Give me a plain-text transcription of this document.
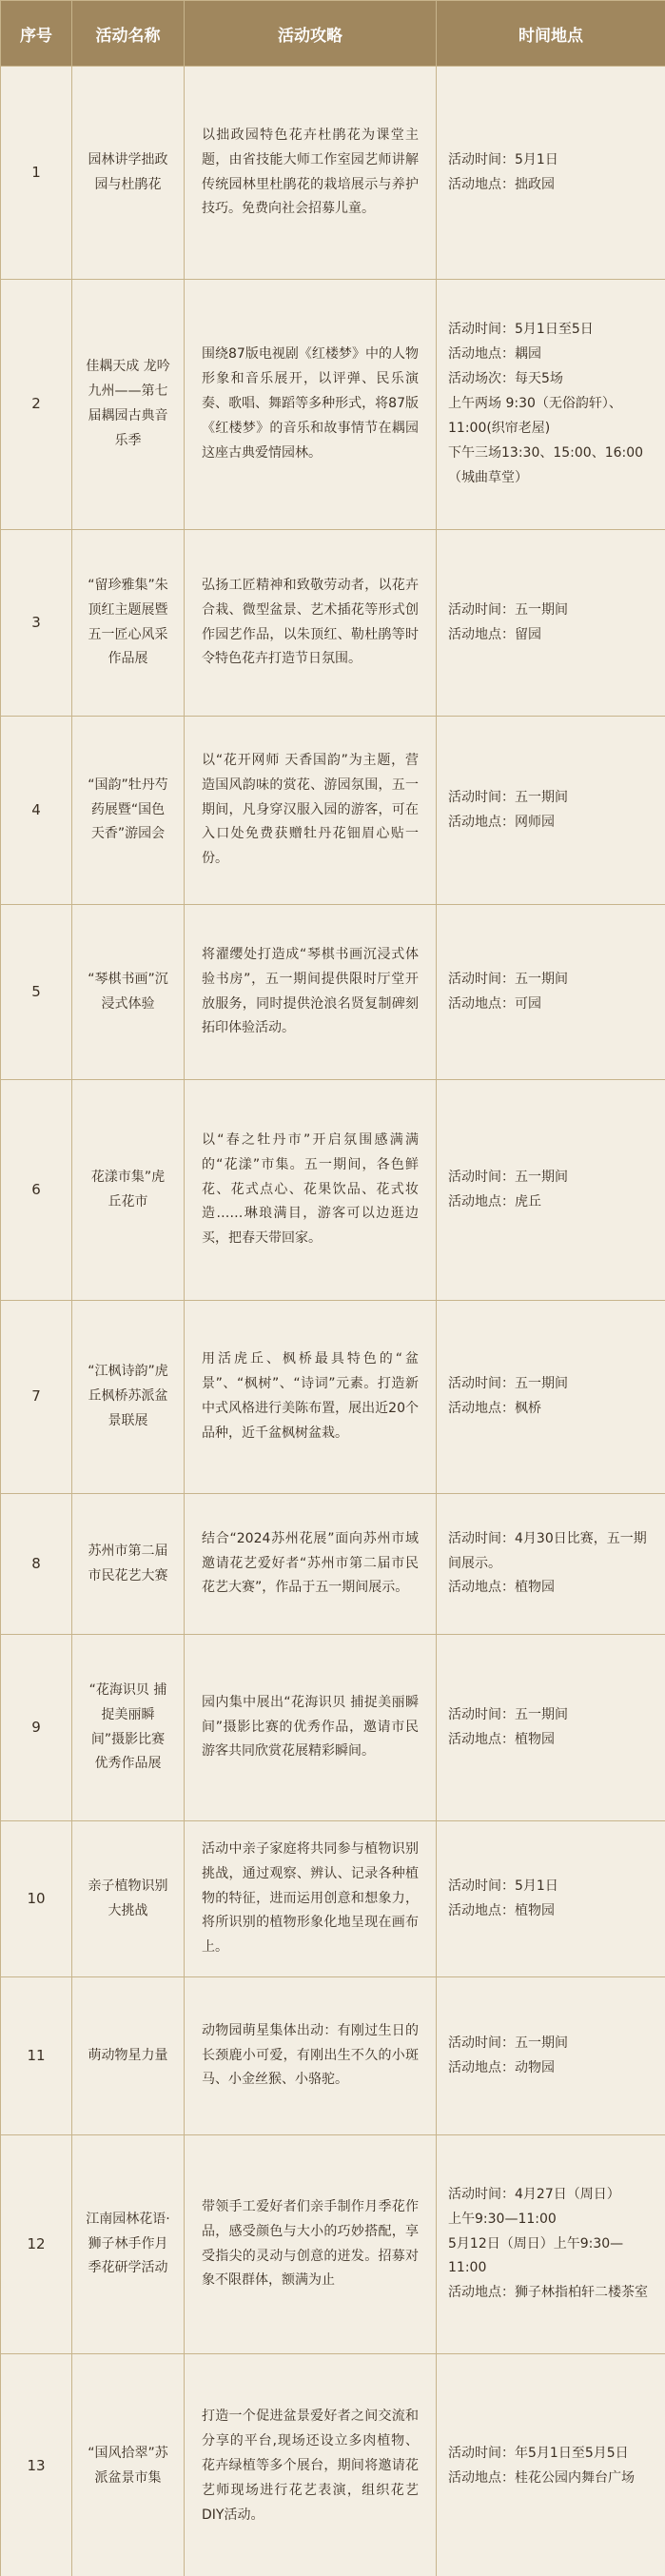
序号	活动名称	活动攻略	时间地点
1	园林讲学拙政园与杜鹃花	以拙政园特色花卉杜鹃花为课堂主题，由省技能大师工作室园艺师讲解传统园林里杜鹃花的栽培展示与养护技巧。免费向社会招募儿童。	活动时间：5月1日
活动地点：拙政园

2	佳耦天成 龙吟九州——第七届耦园古典音乐季	围绕87版电视剧《红楼梦》中的人物形象和音乐展开，以评弹、民乐演奏、歌唱、舞蹈等多种形式，将87版《红楼梦》的音乐和故事情节在耦园这座古典爱情园林。	活动时间：5月1日至5日
活动地点：耦园
活动场次：每天5场
上午两场 9:30（无俗韵轩）、11:00(织帘老屋)
下午三场13:30、15:00、16:00（城曲草堂）

3	“留珍雅集”朱顶红主题展暨五一匠心风采作品展	弘扬工匠精神和致敬劳动者，以花卉合栽、微型盆景、艺术插花等形式创作园艺作品，以朱顶红、勒杜鹃等时令特色花卉打造节日氛围。	活动时间：五一期间
活动地点：留园

4	“国韵”牡丹芍药展暨“国色天香”游园会	以“花开网师 天香国韵”为主题，营造国风韵味的赏花、游园氛围，五一期间，凡身穿汉服入园的游客，可在入口处免费获赠牡丹花钿眉心贴一份。	活动时间：五一期间
活动地点：网师园

5	“琴棋书画”沉浸式体验	将濯缨处打造成“琴棋书画沉浸式体验书房”，五一期间提供限时厅堂开放服务，同时提供沧浪名贤复制碑刻拓印体验活动。	活动时间：五一期间
活动地点：可园

6	花漾市集”虎丘花市	以“春之牡丹市”开启氛围感满满的“花漾”市集。五一期间，各色鲜花、花式点心、花果饮品、花式妆造……琳琅满目，游客可以边逛边买，把春天带回家。	活动时间：五一期间
活动地点：虎丘

7	“江枫诗韵”虎丘枫桥苏派盆景联展	用活虎丘、枫桥最具特色的“盆景”、“枫树”、“诗词”元素。打造新中式风格进行美陈布置，展出近20个品种，近千盆枫树盆栽。	活动时间：五一期间
活动地点：枫桥

8	苏州市第二届市民花艺大赛	结合“2024苏州花展”面向苏州市域邀请花艺爱好者“苏州市第二届市民花艺大赛”，作品于五一期间展示。	活动时间：4月30日比赛，五一期间展示。
活动地点：植物园

9	“花海识贝 捕捉美丽瞬间”摄影比赛优秀作品展	园内集中展出“花海识贝 捕捉美丽瞬间”摄影比赛的优秀作品，邀请市民游客共同欣赏花展精彩瞬间。	活动时间：五一期间
活动地点：植物园

10	亲子植物识别大挑战	活动中亲子家庭将共同参与植物识别挑战，通过观察、辨认、记录各种植物的特征，进而运用创意和想象力，将所识别的植物形象化地呈现在画布上。	活动时间：5月1日
活动地点：植物园

11	萌动物星力量	动物园萌星集体出动：有刚过生日的长颈鹿小可爱，有刚出生不久的小斑马、小金丝猴、小骆驼。	活动时间：五一期间
活动地点：动物园

12	江南园林花语·狮子林手作月季花研学活动	带领手工爱好者们亲手制作月季花作品，感受颜色与大小的巧妙搭配，享受指尖的灵动与创意的迸发。招募对象不限群体，额满为止	活动时间：4月27日（周日）
上午9:30—11:00
5月12日（周日）上午9:30—11:00
活动地点：狮子林指柏轩二楼茶室

13	“国风拾翠”苏派盆景市集	打造一个促进盆景爱好者之间交流和分享的平台,现场还设立多肉植物、花卉绿植等多个展台，期间将邀请花艺师现场进行花艺表演，组织花艺DIY活动。	活动时间：年5月1日至5月5日
活动地点：桂花公园内舞台广场
